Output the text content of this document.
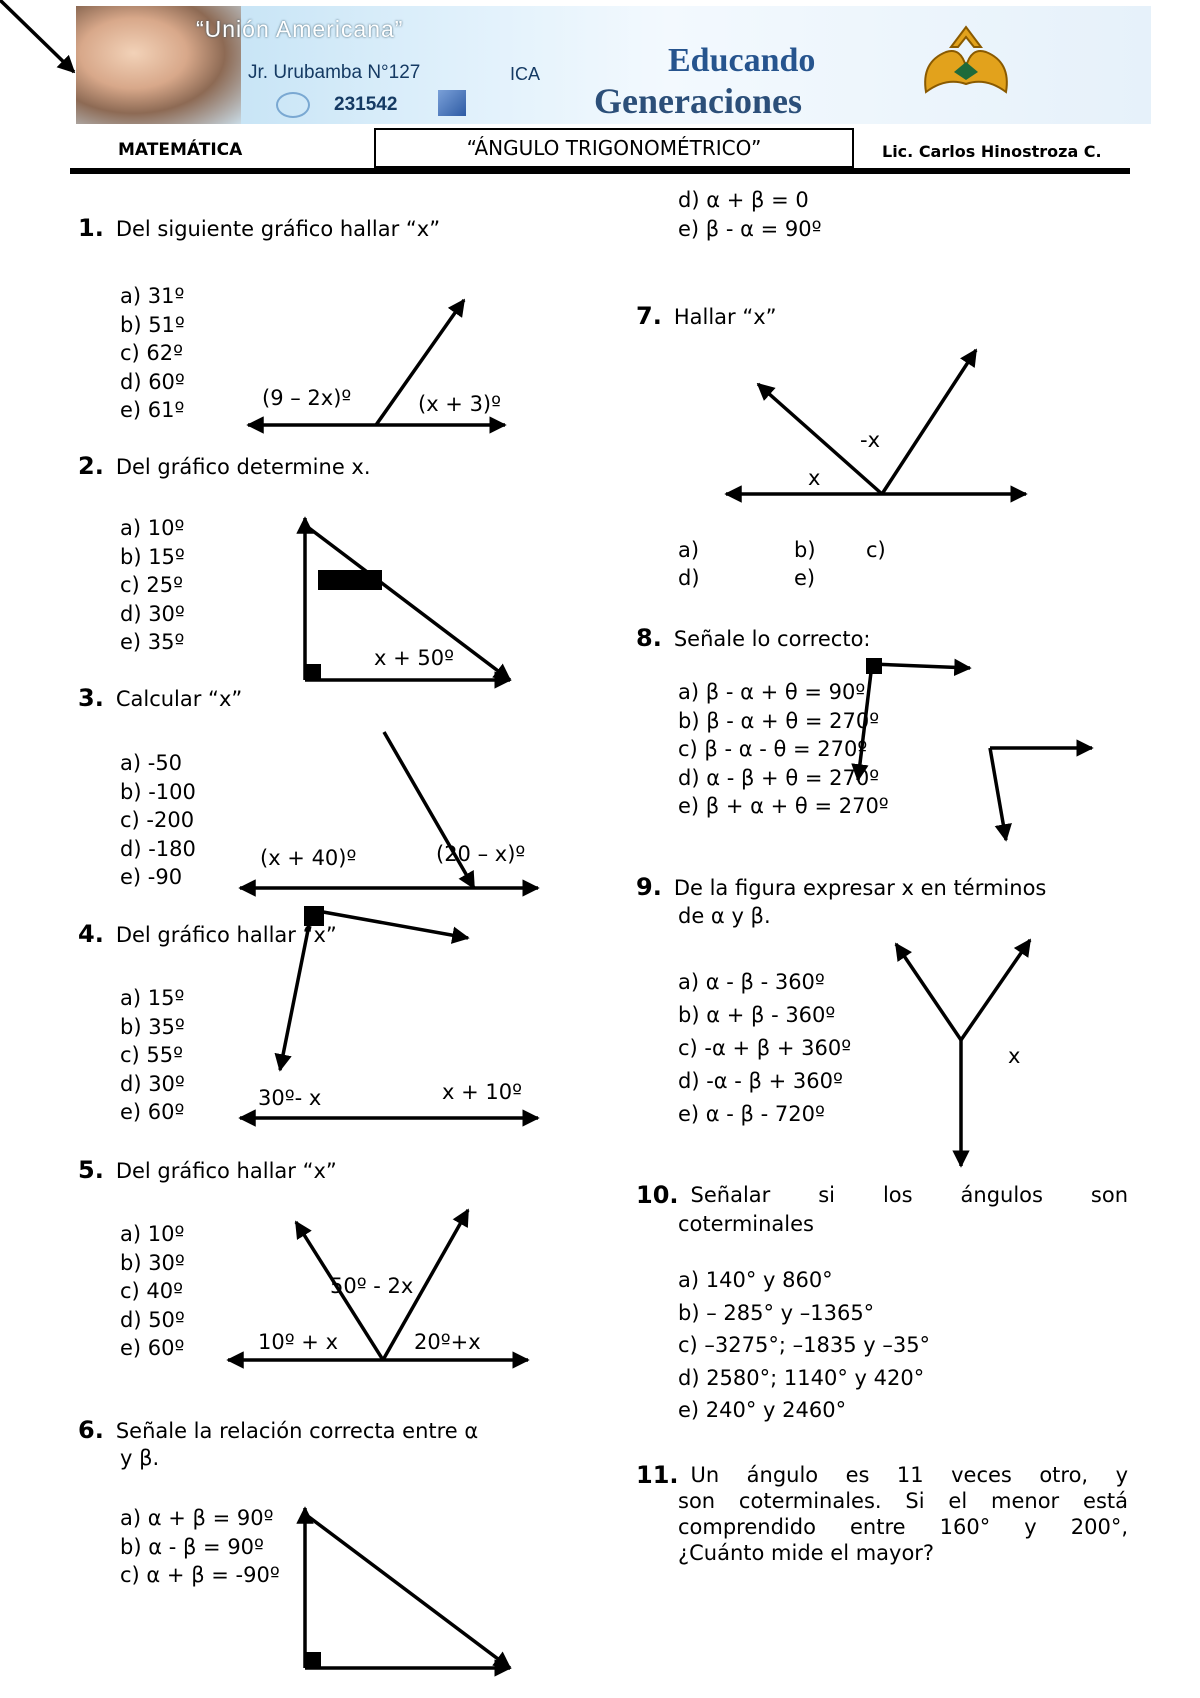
“Unión Americana”
Jr. Urubamba N°127	ICA
231542
Educando
Generaciones
MATEMÁTICA	“ÁNGULO TRIGONOMÉTRICO”	Lic. Carlos Hinostroza C.
1. Del siguiente gráfico hallar “x”
a) 31º
b) 51º
c) 62º
d) 60º
e) 61º
(9 – 2x)º	(x + 3)º
2. Del gráfico determine x.
a) 10º
b) 15º
c) 25º
d) 30º
e) 35º
x + 50º
3. Calcular “x”
a) -50
b) -100
c) -200
d) -180
e) -90
(x + 40)º	(20 – x)º
4. Del gráfico hallar “x”
a) 15º
b) 35º
c) 55º
d) 30º
e) 60º
30º- x	x + 10º
5. Del gráfico hallar “x”
a) 10º
b) 30º
c) 40º
d) 50º
e) 60º
50º - 2x
10º + x	20º+x
6. Señale la relación correcta entre α
y β.
a) α + β = 90º
b) α - β = 90º
c) α + β = -90º
d) α + β = 0
e) β - α = 90º
7. Hallar “x”
-x
x
a)	b) c)
d)	e)
8. Señale lo correcto:
a) β - α + θ = 90º
b) β - α + θ = 270º
c) β - α - θ = 270º
d) α - β + θ = 270º
e) β + α + θ = 270º
9. De la figura expresar x en términos
de α y β.
a) α - β - 360º
b) α + β - 360º
c) -α + β + 360º
d) -α - β + 360º
e) α - β - 720º
x
10. Señalar si los ángulos son
coterminales
a) 140° y 860°
b) – 285° y –1365°
c) –3275°; –1835 y –35°
d) 2580°; 1140° y 420°
e) 240° y 2460°
11. Un ángulo es 11 veces otro, y
son coterminales. Si el menor está
comprendido entre 160° y 200°,
¿Cuánto mide el mayor?
